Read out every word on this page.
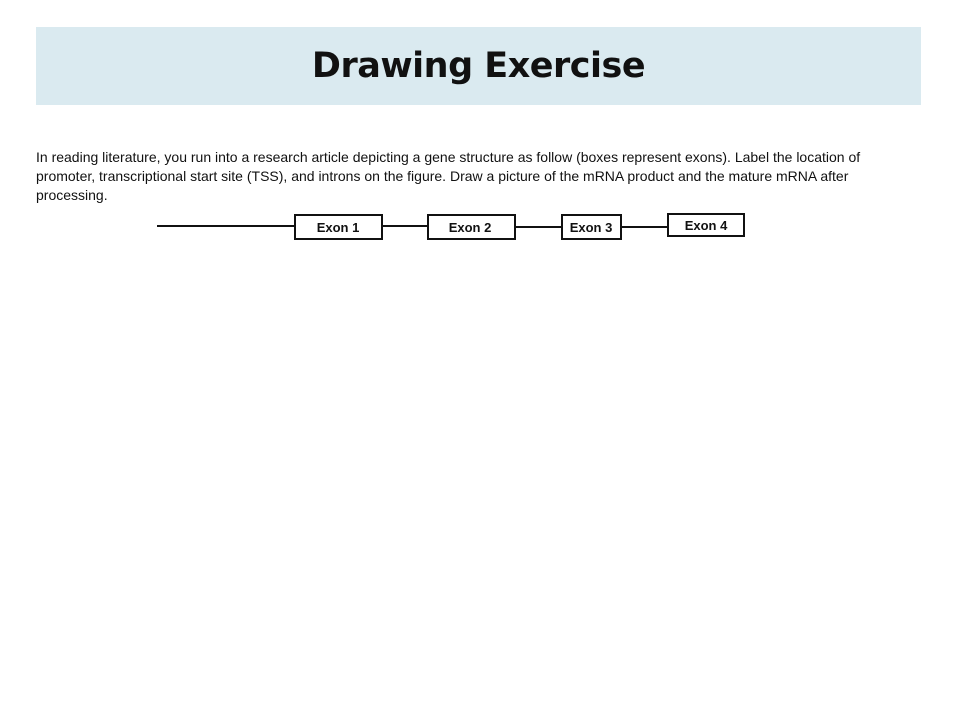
Drawing Exercise

In reading literature, you run into a research article depicting a gene structure as follow (boxes represent exons). Label the location of promoter, transcriptional start site (TSS), and introns on the figure. Draw a picture of the mRNA product and the mature mRNA after processing.

Exon 1	Exon 2	Exon 3	Exon 4
